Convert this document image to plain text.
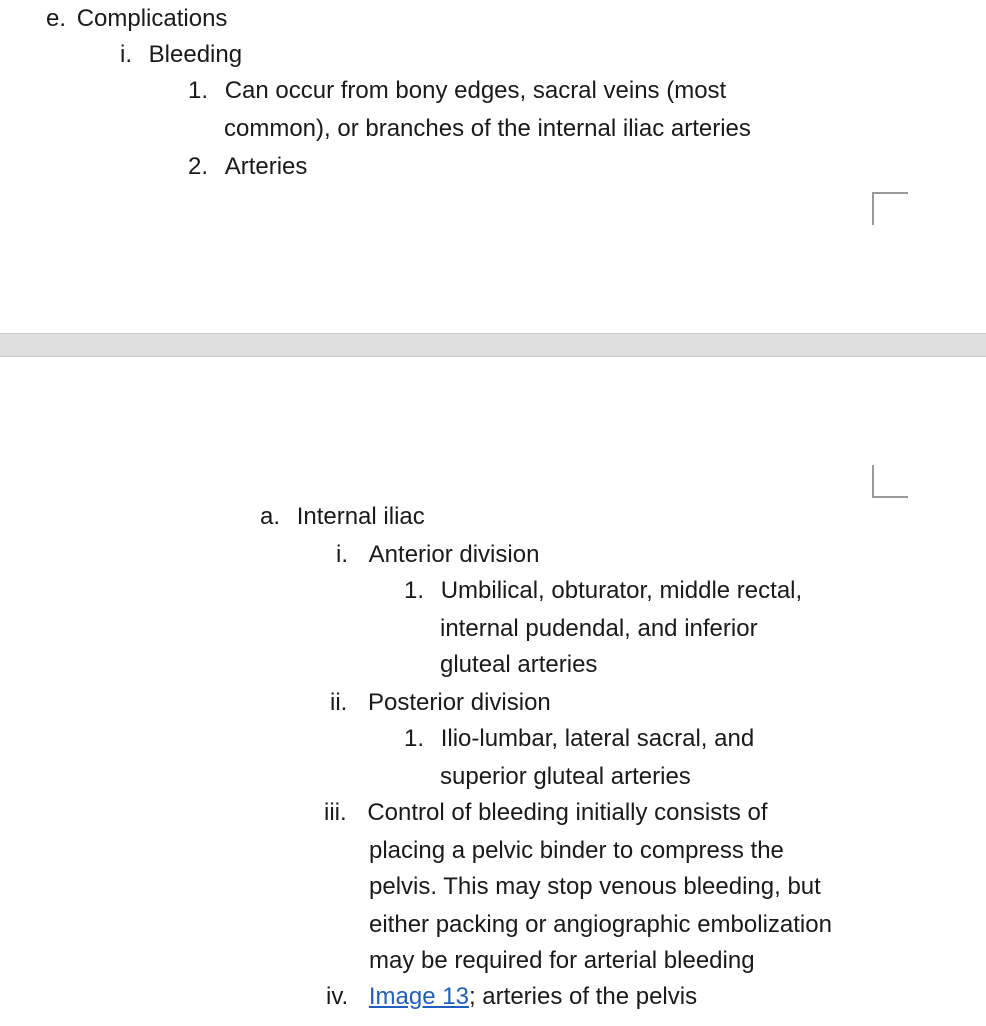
e. Complications
i. Bleeding
1. Can occur from bony edges, sacral veins (most
common), or branches of the internal iliac arteries
2. Arteries
a. Internal iliac
i. Anterior division
1. Umbilical, obturator, middle rectal,
internal pudendal, and inferior
gluteal arteries
ii. Posterior division
1. Ilio-lumbar, lateral sacral, and
superior gluteal arteries
iii. Control of bleeding initially consists of
placing a pelvic binder to compress the
pelvis. This may stop venous bleeding, but
either packing or angiographic embolization
may be required for arterial bleeding
iv. Image 13; arteries of the pelvis
